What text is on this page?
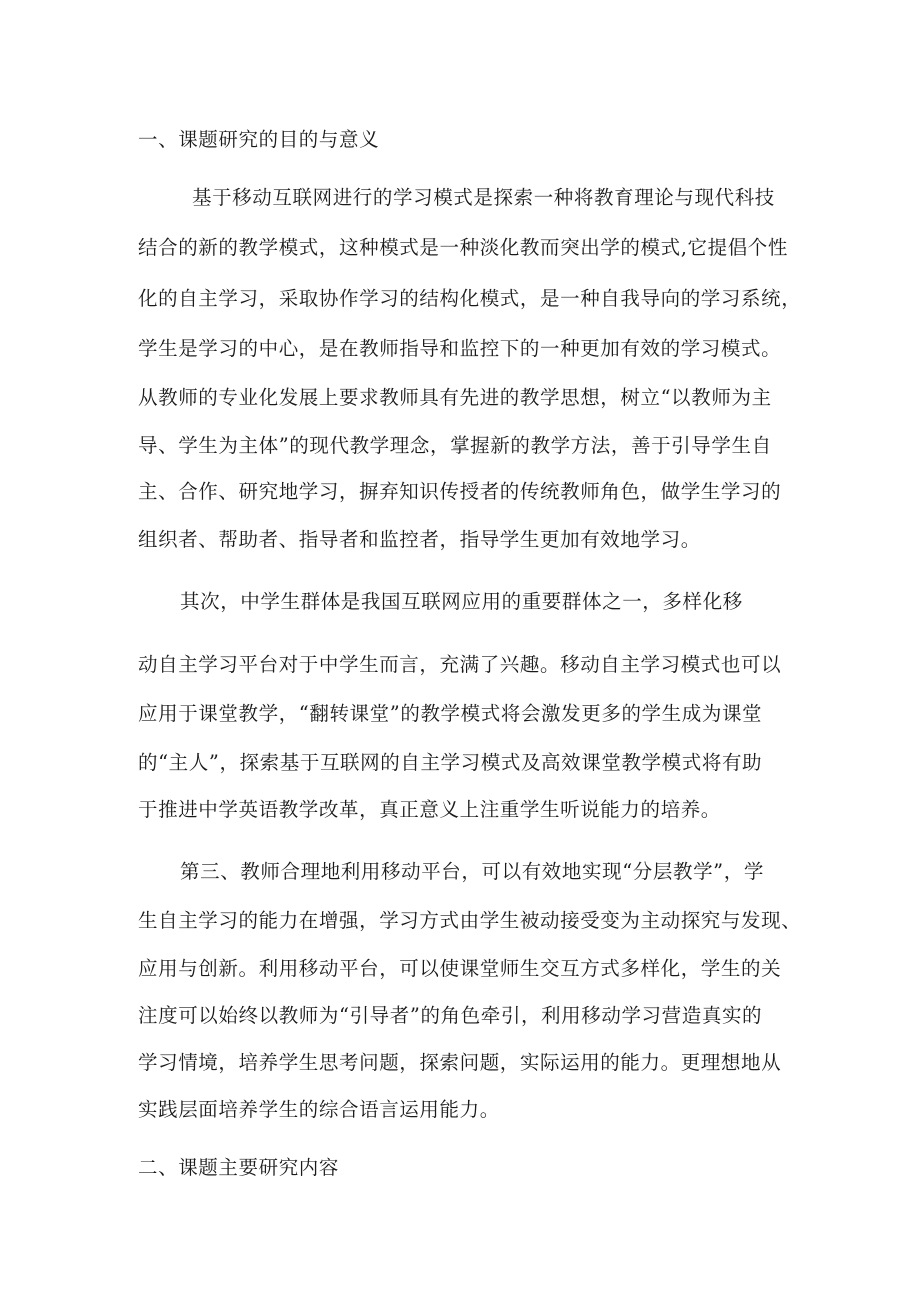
一、课题研究的目的与意义
基于移动互联网进行的学习模式是探索一种将教育理论与现代科技
结合的新的教学模式，这种模式是一种淡化教而突出学的模式,它提倡个性
化的自主学习，采取协作学习的结构化模式，是一种自我导向的学习系统，
学生是学习的中心，是在教师指导和监控下的一种更加有效的学习模式。
从教师的专业化发展上要求教师具有先进的教学思想，树立“以教师为主
导、学生为主体”的现代教学理念，掌握新的教学方法，善于引导学生自
主、合作、研究地学习，摒弃知识传授者的传统教师角色，做学生学习的
组织者、帮助者、指导者和监控者，指导学生更加有效地学习。
其次，中学生群体是我国互联网应用的重要群体之一，多样化移
动自主学习平台对于中学生而言，充满了兴趣。移动自主学习模式也可以
应用于课堂教学，“翻转课堂”的教学模式将会激发更多的学生成为课堂
的“主人”，探索基于互联网的自主学习模式及高效课堂教学模式将有助
于推进中学英语教学改革，真正意义上注重学生听说能力的培养。
第三、教师合理地利用移动平台，可以有效地实现“分层教学”，学
生自主学习的能力在增强，学习方式由学生被动接受变为主动探究与发现、
应用与创新。利用移动平台，可以使课堂师生交互方式多样化，学生的关
注度可以始终以教师为“引导者”的角色牵引，利用移动学习营造真实的
学习情境，培养学生思考问题，探索问题，实际运用的能力。更理想地从
实践层面培养学生的综合语言运用能力。
二、课题主要研究内容
